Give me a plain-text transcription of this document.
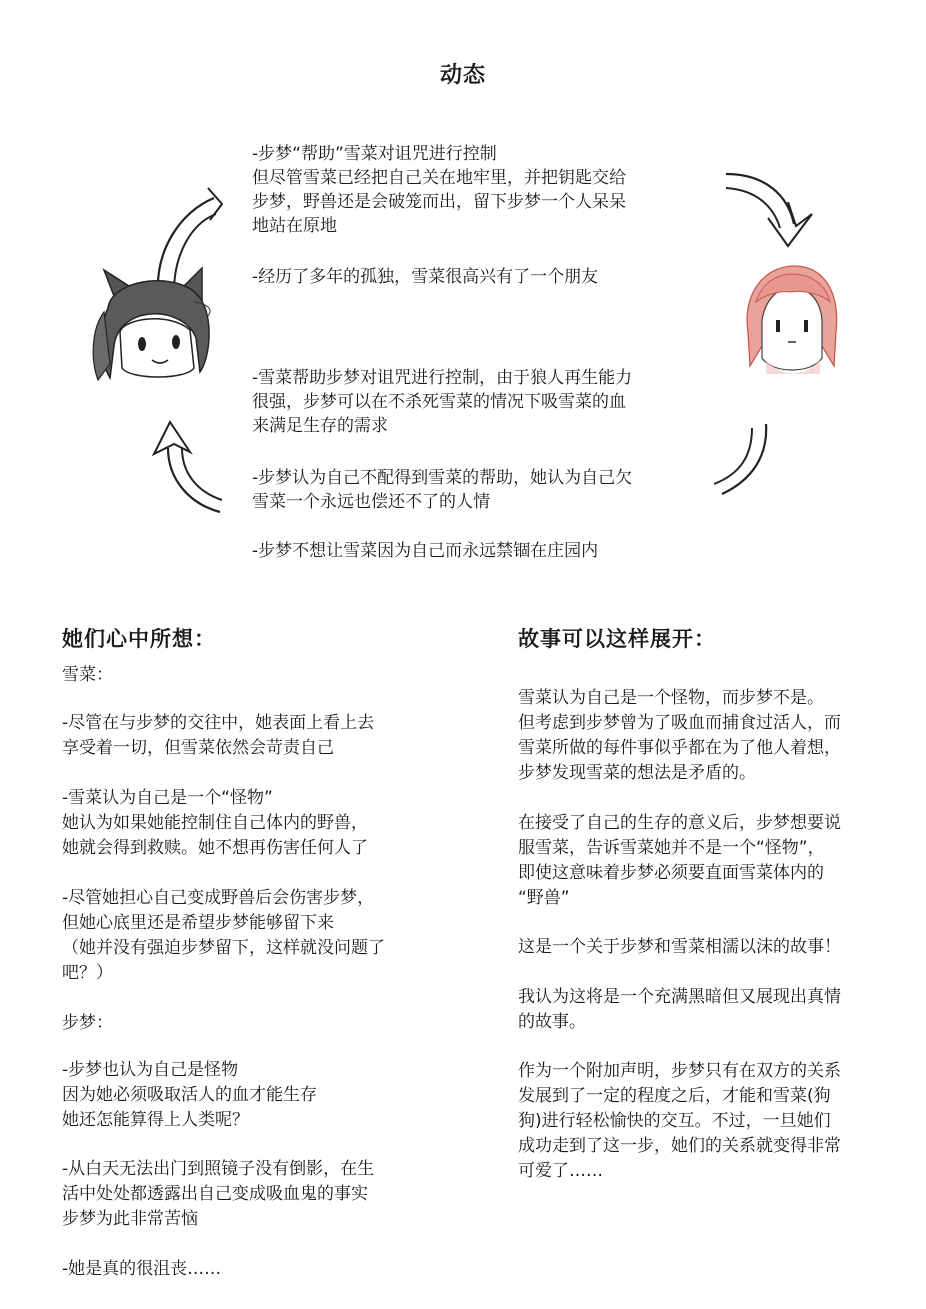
动态
-步梦“帮助”雪菜对诅咒进行控制
但尽管雪菜已经把自己关在地牢里，并把钥匙交给
步梦，野兽还是会破笼而出，留下步梦一个人呆呆
地站在原地
-经历了多年的孤独，雪菜很高兴有了一个朋友
-雪菜帮助步梦对诅咒进行控制，由于狼人再生能力
很强，步梦可以在不杀死雪菜的情况下吸雪菜的血
来满足生存的需求
-步梦认为自己不配得到雪菜的帮助，她认为自己欠
雪菜一个永远也偿还不了的人情
-步梦不想让雪菜因为自己而永远禁锢在庄园内
她们心中所想：
雪菜：
-尽管在与步梦的交往中，她表面上看上去
享受着一切，但雪菜依然会苛责自己
-雪菜认为自己是一个“怪物”
她认为如果她能控制住自己体内的野兽，
她就会得到救赎。她不想再伤害任何人了
-尽管她担心自己变成野兽后会伤害步梦，
但她心底里还是希望步梦能够留下来
（她并没有强迫步梦留下，这样就没问题了
吧？）
步梦：
-步梦也认为自己是怪物
因为她必须吸取活人的血才能生存
她还怎能算得上人类呢？
-从白天无法出门到照镜子没有倒影，在生
活中处处都透露出自己变成吸血鬼的事实
步梦为此非常苦恼
-她是真的很沮丧……
故事可以这样展开：
雪菜认为自己是一个怪物，而步梦不是。
但考虑到步梦曾为了吸血而捕食过活人，而
雪菜所做的每件事似乎都在为了他人着想，
步梦发现雪菜的想法是矛盾的。
在接受了自己的生存的意义后，步梦想要说
服雪菜，告诉雪菜她并不是一个“怪物”，
即使这意味着步梦必须要直面雪菜体内的
“野兽”
这是一个关于步梦和雪菜相濡以沫的故事！
我认为这将是一个充满黑暗但又展现出真情
的故事。
作为一个附加声明，步梦只有在双方的关系
发展到了一定的程度之后，才能和雪菜(狗
狗)进行轻松愉快的交互。不过，一旦她们
成功走到了这一步，她们的关系就变得非常
可爱了……
